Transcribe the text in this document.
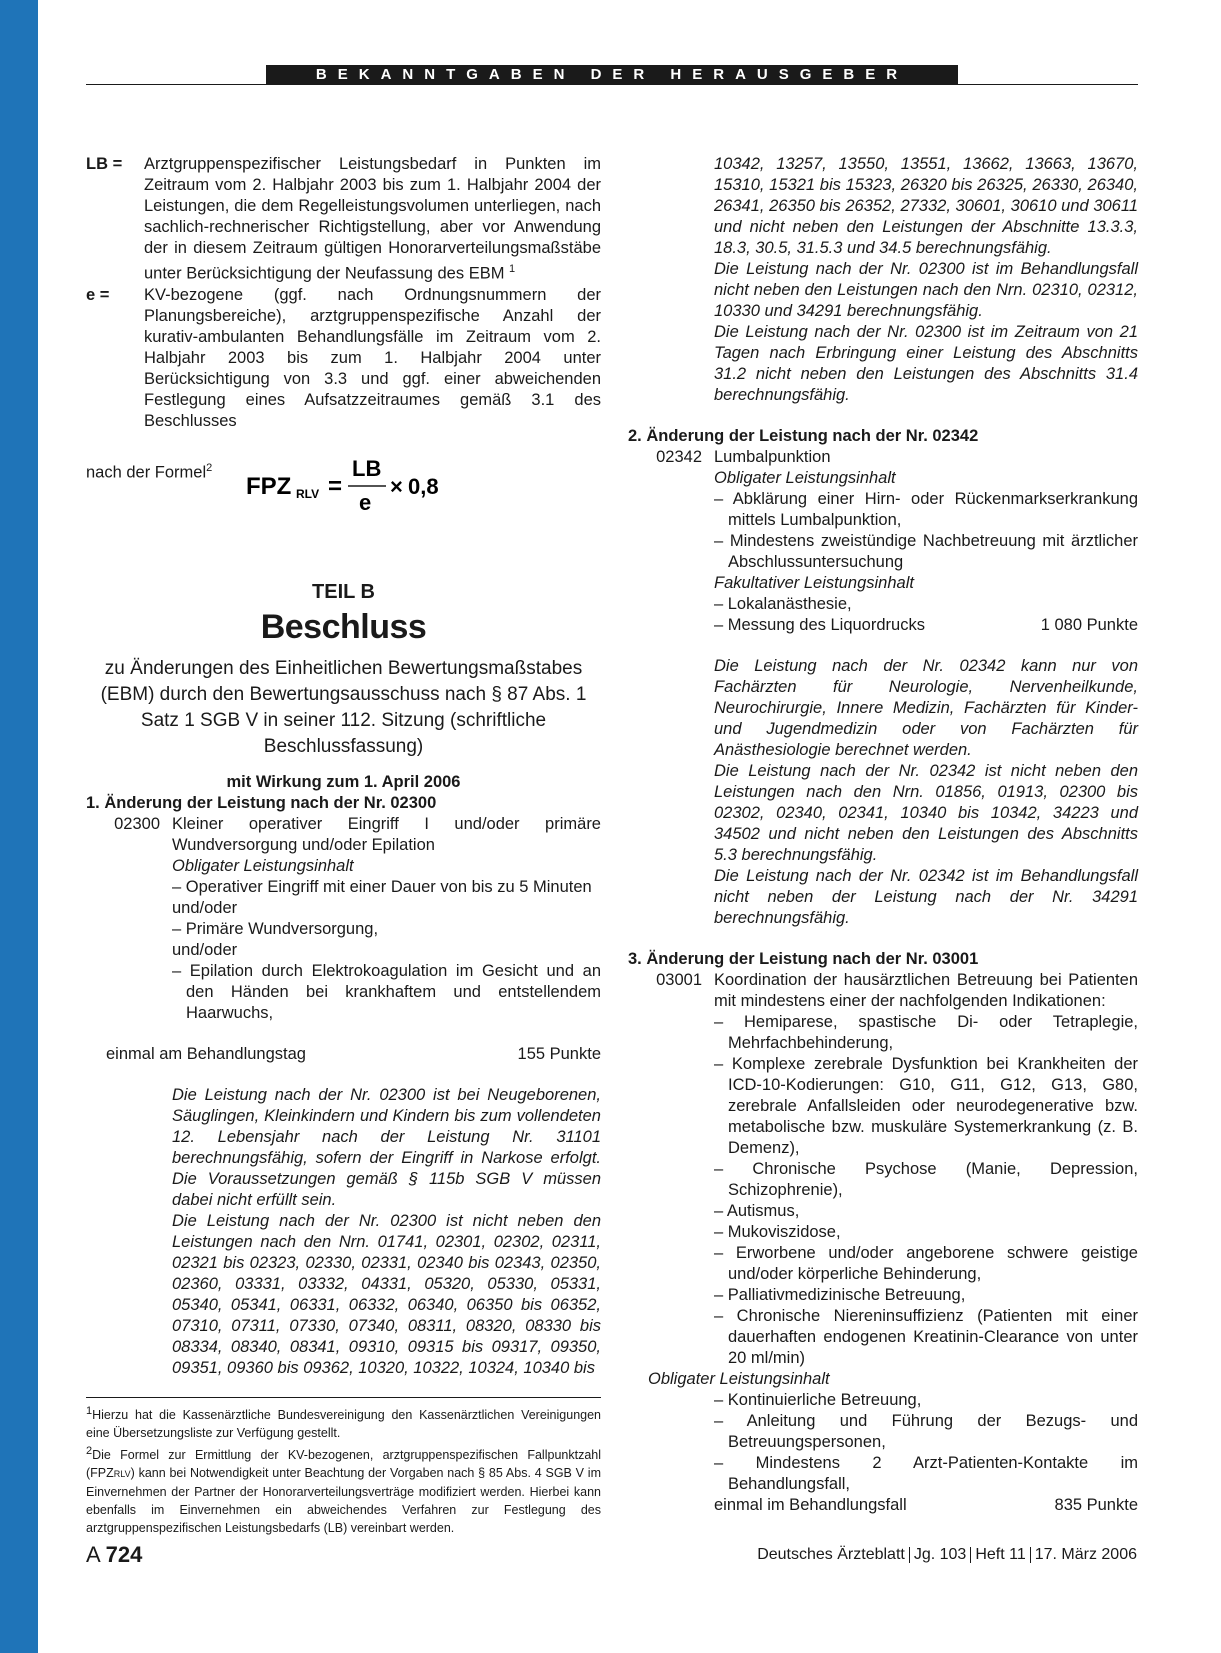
BEKANNTGABEN DER HERAUSGEBER
LB =	Arztgruppenspezifischer Leistungsbedarf in Punkten im Zeitraum vom 2. Halbjahr 2003 bis zum 1. Halbjahr 2004 der Leistungen, die dem Regelleistungsvolumen unterliegen, nach sachlich-rechnerischer Richtigstellung, aber vor Anwendung der in diesem Zeitraum gültigen Honorarverteilungsmaßstäbe unter Berücksichtigung der Neufassung des EBM $^1$
e =	KV-bezogene (ggf. nach Ordnungsnummern der Planungsbereiche), arztgruppenspezifische Anzahl der kurativ-ambulanten Behandlungsfälle im Zeitraum vom 2. Halbjahr 2003 bis zum 1. Halbjahr 2004 unter Berücksichtigung von 3.3 und ggf. einer abweichenden Festlegung eines Aufsatzzeitraumes gemäß 3.1 des Beschlusses
nach der Formel$^2$
FPZ RLV =
LB
e
× 0,8
TEIL B
Beschluss
zu Änderungen des Einheitlichen Bewertungsmaßstabes (EBM) durch den Bewertungsausschuss nach § 87 Abs. 1 Satz 1 SGB V in seiner 112. Sitzung (schriftliche Beschlussfassung)
mit Wirkung zum 1. April 2006
1. Änderung der Leistung nach der Nr. 02300
02300 Kleiner operativer Eingriff I und/oder primäre Wundversorgung und/oder Epilation
Obligater Leistungsinhalt
– Operativer Eingriff mit einer Dauer von bis zu 5 Minuten
und/oder
– Primäre Wundversorgung,
und/oder
– Epilation durch Elektrokoagulation im Gesicht und an den Händen bei krankhaftem und entstellendem Haarwuchs,
einmal am Behandlungstag	155 Punkte
Die Leistung nach der Nr. 02300 ist bei Neugeborenen, Säuglingen, Kleinkindern und Kindern bis zum vollendeten 12. Lebensjahr nach der Leistung Nr. 31101 berechnungsfähig, sofern der Eingriff in Narkose erfolgt. Die Voraussetzungen gemäß § 115b SGB V müssen dabei nicht erfüllt sein.
Die Leistung nach der Nr. 02300 ist nicht neben den Leistungen nach den Nrn. 01741, 02301, 02302, 02311, 02321 bis 02323, 02330, 02331, 02340 bis 02343, 02350, 02360, 03331, 03332, 04331, 05320, 05330, 05331, 05340, 05341, 06331, 06332, 06340, 06350 bis 06352, 07310, 07311, 07330, 07340, 08311, 08320, 08330 bis 08334, 08340, 08341, 09310, 09315 bis 09317, 09350, 09351, 09360 bis 09362, 10320, 10322, 10324, 10340 bis
$^1$Hierzu hat die Kassenärztliche Bundesvereinigung den Kassenärztlichen Vereinigungen eine Übersetzungsliste zur Verfügung gestellt.
$^2$Die Formel zur Ermittlung der KV-bezogenen, arztgruppenspezifischen Fallpunktzahl (FPZRLV) kann bei Notwendigkeit unter Beachtung der Vorgaben nach § 85 Abs. 4 SGB V im Einvernehmen der Partner der Honorarverteilungsverträge modifiziert werden. Hierbei kann ebenfalls im Einvernehmen ein abweichendes Verfahren zur Festlegung des arztgruppenspezifischen Leistungsbedarfs (LB) vereinbart werden.
10342, 13257, 13550, 13551, 13662, 13663, 13670, 15310, 15321 bis 15323, 26320 bis 26325, 26330, 26340, 26341, 26350 bis 26352, 27332, 30601, 30610 und 30611 und nicht neben den Leistungen der Abschnitte 13.3.3, 18.3, 30.5, 31.5.3 und 34.5 berechnungsfähig.
Die Leistung nach der Nr. 02300 ist im Behandlungsfall nicht neben den Leistungen nach den Nrn. 02310, 02312, 10330 und 34291 berechnungsfähig.
Die Leistung nach der Nr. 02300 ist im Zeitraum von 21 Tagen nach Erbringung einer Leistung des Abschnitts 31.2 nicht neben den Leistungen des Abschnitts 31.4 berechnungsfähig.
2. Änderung der Leistung nach der Nr. 02342
02342 Lumbalpunktion
Obligater Leistungsinhalt
– Abklärung einer Hirn- oder Rückenmarkserkrankung mittels Lumbalpunktion,
– Mindestens zweistündige Nachbetreuung mit ärztlicher Abschlussuntersuchung
Fakultativer Leistungsinhalt
– Lokalanästhesie,
– Messung des Liquordrucks	1 080 Punkte
Die Leistung nach der Nr. 02342 kann nur von Fachärzten für Neurologie, Nervenheilkunde, Neurochirurgie, Innere Medizin, Fachärzten für Kinder- und Jugendmedizin oder von Fachärzten für Anästhesiologie berechnet werden.
Die Leistung nach der Nr. 02342 ist nicht neben den Leistungen nach den Nrn. 01856, 01913, 02300 bis 02302, 02340, 02341, 10340 bis 10342, 34223 und 34502 und nicht neben den Leistungen des Abschnitts 5.3 berechnungsfähig.
Die Leistung nach der Nr. 02342 ist im Behandlungsfall nicht neben der Leistung nach der Nr. 34291 berechnungsfähig.
3. Änderung der Leistung nach der Nr. 03001
03001 Koordination der hausärztlichen Betreuung bei Patienten mit mindestens einer der nachfolgenden Indikationen:
– Hemiparese, spastische Di- oder Tetraplegie, Mehrfachbehinderung,
– Komplexe zerebrale Dysfunktion bei Krankheiten der ICD-10-Kodierungen: G10, G11, G12, G13, G80, zerebrale Anfallsleiden oder neurodegenerative bzw. metabolische bzw. muskuläre Systemerkrankung (z. B. Demenz),
– Chronische Psychose (Manie, Depression, Schizophrenie),
– Autismus,
– Mukoviszidose,
– Erworbene und/oder angeborene schwere geistige und/oder körperliche Behinderung,
– Palliativmedizinische Betreuung,
– Chronische Niereninsuffizienz (Patienten mit einer dauerhaften endogenen Kreatinin-Clearance von unter 20 ml/min)
Obligater Leistungsinhalt
– Kontinuierliche Betreuung,
– Anleitung und Führung der Bezugs- und Betreuungspersonen,
– Mindestens 2 Arzt-Patienten-Kontakte im Behandlungsfall,
einmal im Behandlungsfall	835 Punkte
A 724	Deutsches Ärzteblatt Jg. 103 Heft 11 17. März 2006
